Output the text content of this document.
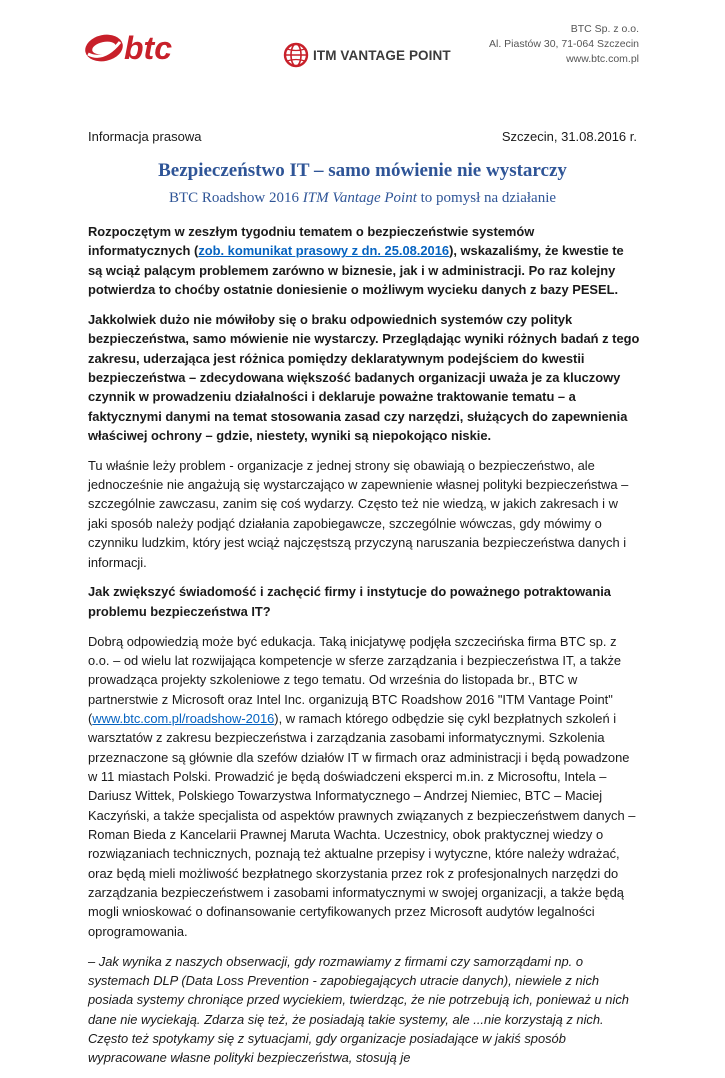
btc	ITM VANTAGE POINT
BTC Sp. z o.o.
Al. Piastów 30, 71-064 Szczecin
www.btc.com.pl
Informacja prasowa	Szczecin, 31.08.2016 r.
Bezpieczeństwo IT – samo mówienie nie wystarczy
BTC Roadshow 2016 ITM Vantage Point to pomysł na działanie

Rozpoczętym w zeszłym tygodniu tematem o bezpieczeństwie systemów informatycznych (zob. komunikat prasowy z dn. 25.08.2016), wskazaliśmy, że kwestie te są wciąż palącym problemem zarówno w biznesie, jak i w administracji. Po raz kolejny potwierdza to choćby ostatnie doniesienie o możliwym wycieku danych z bazy PESEL.

Jakkolwiek dużo nie mówiłoby się o braku odpowiednich systemów czy polityk bezpieczeństwa, samo mówienie nie wystarczy. Przeglądając wyniki różnych badań z tego zakresu, uderzająca jest różnica pomiędzy deklaratywnym podejściem do kwestii bezpieczeństwa – zdecydowana większość badanych organizacji uważa je za kluczowy czynnik w prowadzeniu działalności i deklaruje poważne traktowanie tematu – a faktycznymi danymi na temat stosowania zasad czy narzędzi, służących do zapewnienia właściwej ochrony – gdzie, niestety, wyniki są niepokojąco niskie.

Tu właśnie leży problem - organizacje z jednej strony się obawiają o bezpieczeństwo, ale jednocześnie nie angażują się wystarczająco w zapewnienie własnej polityki bezpieczeństwa – szczególnie zawczasu, zanim się coś wydarzy. Często też nie wiedzą, w jakich zakresach i w jaki sposób należy podjąć działania zapobiegawcze, szczególnie wówczas, gdy mówimy o czynniku ludzkim, który jest wciąż najczęstszą przyczyną naruszania bezpieczeństwa danych i informacji.

Jak zwiększyć świadomość i zachęcić firmy i instytucje do poważnego potraktowania problemu bezpieczeństwa IT?

Dobrą odpowiedzią może być edukacja. Taką inicjatywę podjęła szczecińska firma BTC sp. z o.o. – od wielu lat rozwijająca kompetencje w sferze zarządzania i bezpieczeństwa IT, a także prowadząca projekty szkoleniowe z tego tematu. Od września do listopada br., BTC w partnerstwie z Microsoft oraz Intel Inc. organizują BTC Roadshow 2016 "ITM Vantage Point" (www.btc.com.pl/roadshow-2016), w ramach którego odbędzie się cykl bezpłatnych szkoleń i warsztatów z zakresu bezpieczeństwa i zarządzania zasobami informatycznymi. Szkolenia przeznaczone są głównie dla szefów działów IT w firmach oraz administracji i będą powadzone w 11 miastach Polski. Prowadzić je będą doświadczeni eksperci m.in. z Microsoftu, Intela – Dariusz Wittek, Polskiego Towarzystwa Informatycznego – Andrzej Niemiec, BTC – Maciej Kaczyński, a także specjalista od aspektów prawnych związanych z bezpieczeństwem danych – Roman Bieda z Kancelarii Prawnej Maruta Wachta. Uczestnicy, obok praktycznej wiedzy o rozwiązaniach technicznych, poznają też aktualne przepisy i wytyczne, które należy wdrażać, oraz będą mieli możliwość bezpłatnego skorzystania przez rok z profesjonalnych narzędzi do zarządzania bezpieczeństwem i zasobami informatycznymi w swojej organizacji, a także będą mogli wnioskować o dofinansowanie certyfikowanych przez Microsoft audytów legalności oprogramowania.

– Jak wynika z naszych obserwacji, gdy rozmawiamy z firmami czy samorządami np. o systemach DLP (Data Loss Prevention - zapobiegających utracie danych), niewiele z nich posiada systemy chroniące przed wyciekiem, twierdząc, że nie potrzebują ich, ponieważ u nich dane nie wyciekają. Zdarza się też, że posiadają takie systemy, ale ...nie korzystają z nich. Często też spotykamy się z sytuacjami, gdy organizacje posiadające w jakiś sposób wypracowane własne polityki bezpieczeństwa, stosują je
